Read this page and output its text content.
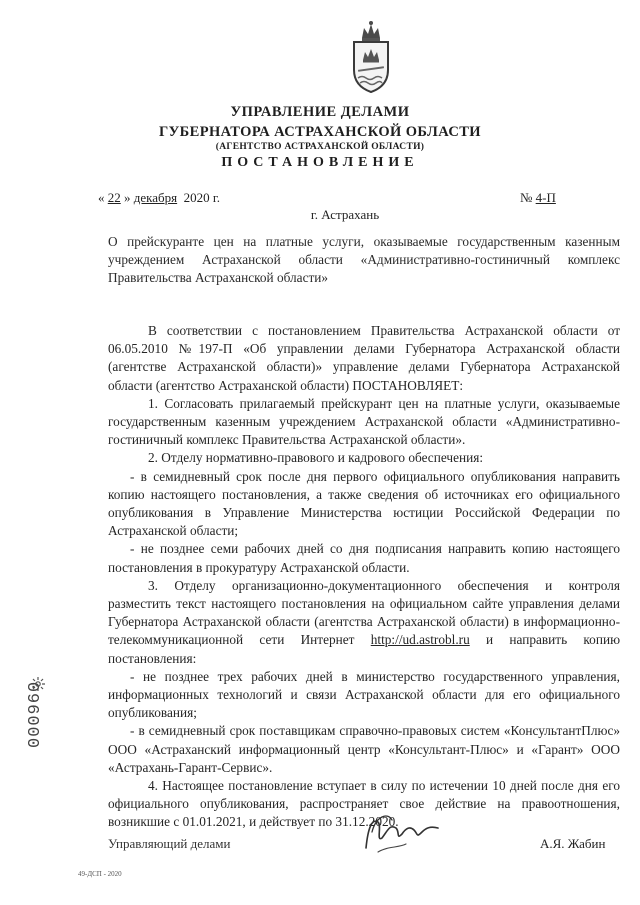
УПРАВЛЕНИЕ ДЕЛАМИ
ГУБЕРНАТОРА АСТРАХАНСКОЙ ОБЛАСТИ
(АГЕНТСТВО АСТРАХАНСКОЙ ОБЛАСТИ)
ПОСТАНОВЛЕНИЕ
« 22 » декабря 2020 г.	№ 4-П
г. Астрахань
О прейскуранте цен на платные услуги, оказываемые государственным казенным учреждением Астраханской области «Административно-гостиничный комплекс Правительства Астраханской области»

В соответствии с постановлением Правительства Астраханской области от 06.05.2010 №197-П «Об управлении делами Губернатора Астраханской области (агентстве Астраханской области)» управление делами Губернатора Астраханской области (агентство Астраханской области) ПОСТАНОВЛЯЕТ:

1. Согласовать прилагаемый прейскурант цен на платные услуги, оказываемые государственным казенным учреждением Астраханской области «Административно-гостиничный комплекс Правительства Астраханской области».

2. Отделу нормативно-правового и кадрового обеспечения:

- в семидневный срок после дня первого официального опубликования направить копию настоящего постановления, а также сведения об источниках его официального опубликования в Управление Министерства юстиции Российской Федерации по Астраханской области;

- не позднее семи рабочих дней со дня подписания направить копию настоящего постановления в прокуратуру Астраханской области.

3. Отделу организационно-документационного обеспечения и контроля разместить текст настоящего постановления на официальном сайте управления делами Губернатора Астраханской области (агентства Астраханской области) в информационно-телекоммуникационной сети Интернет http://ud.astrobl.ru и направить копию постановления:

- не позднее трех рабочих дней в министерство государственного управления, информационных технологий и связи Астраханской области для его официального опубликования;

- в семидневный срок поставщикам справочно-правовых систем «КонсультантПлюс» ООО «Астраханский информационный центр «Консультант-Плюс» и «Гарант» ООО «Астрахань-Гарант-Сервис».

4. Настоящее постановление вступает в силу по истечении 10 дней после дня его официального опубликования, распространяет свое действие на правоотношения, возникшие с 01.01.2021, и действует по 31.12.2020.

Управляющий делами	А.Я. Жабин
49-ДСП - 2020
000960
